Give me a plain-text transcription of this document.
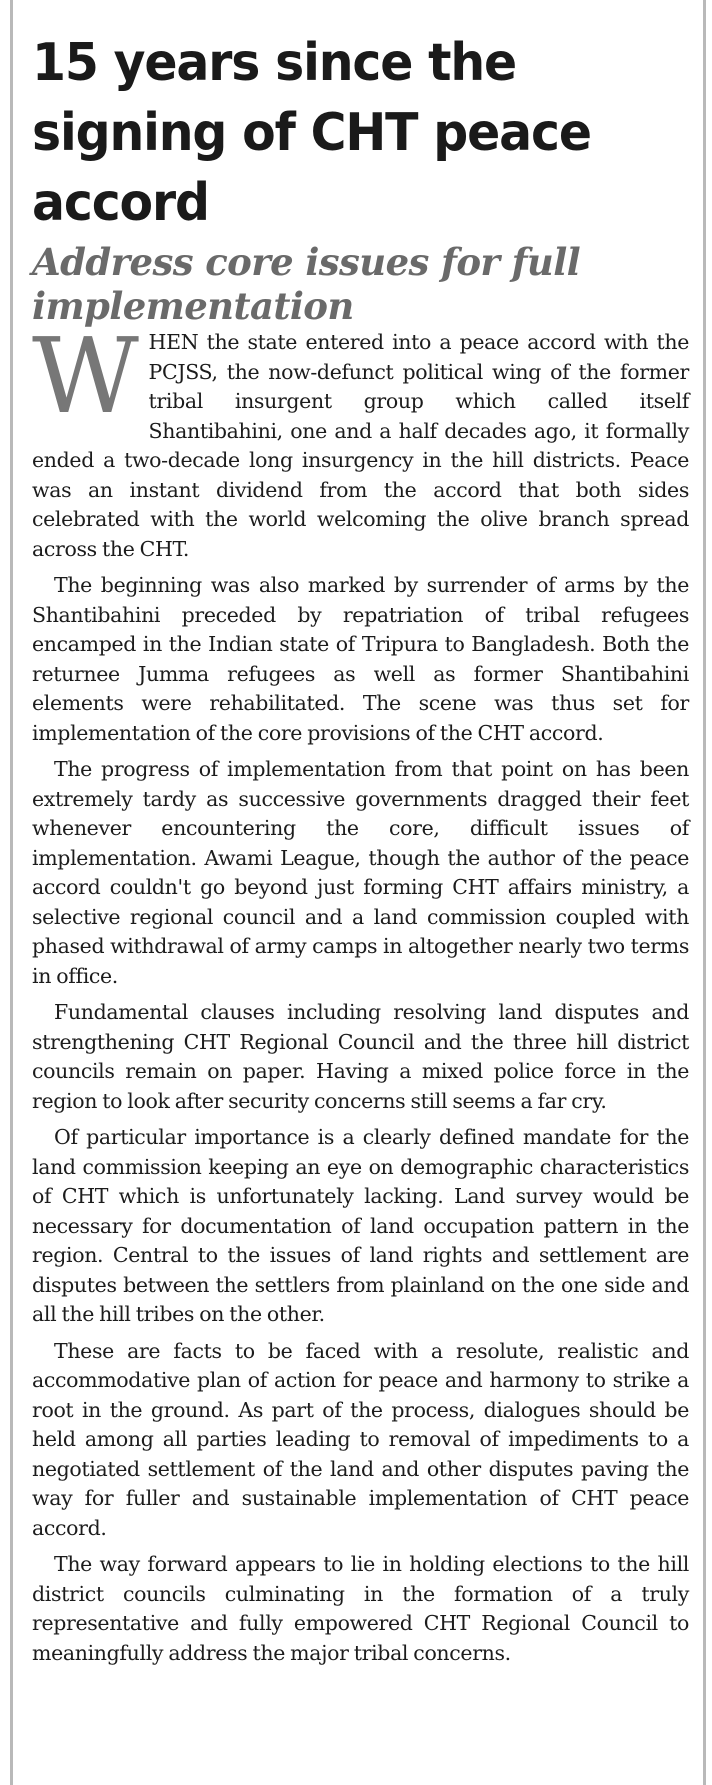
15 years since the signing of CHT peace accord
Address core issues for full implementation

WHEN the state entered into a peace accord with the PCJSS, the now-defunct political wing of the former tribal insurgent group which called itself Shantibahini, one and a half decades ago, it formally ended a two-decade long insurgency in the hill districts. Peace was an instant dividend from the accord that both sides celebrated with the world welcoming the olive branch spread across the CHT.

The beginning was also marked by surrender of arms by the Shantibahini preceded by repatriation of tribal refugees encamped in the Indian state of Tripura to Bangladesh. Both the returnee Jumma refugees as well as former Shantibahini elements were rehabilitated. The scene was thus set for implementation of the core provisions of the CHT accord.

The progress of implementation from that point on has been extremely tardy as successive governments dragged their feet whenever encountering the core, difficult issues of implementation. Awami League, though the author of the peace accord couldn't go beyond just forming CHT affairs ministry, a selective regional council and a land commission coupled with phased withdrawal of army camps in altogether nearly two terms in office.

Fundamental clauses including resolving land disputes and strengthening CHT Regional Council and the three hill district councils remain on paper. Having a mixed police force in the region to look after security concerns still seems a far cry.

Of particular importance is a clearly defined mandate for the land commission keeping an eye on demographic characteristics of CHT which is unfortunately lacking. Land survey would be necessary for documentation of land occupation pattern in the region. Central to the issues of land rights and settlement are disputes between the settlers from plainland on the one side and all the hill tribes on the other.

These are facts to be faced with a resolute, realistic and accommodative plan of action for peace and harmony to strike a root in the ground. As part of the process, dialogues should be held among all parties leading to removal of impediments to a negotiated settlement of the land and other disputes paving the way for fuller and sustainable implementation of CHT peace accord.

The way forward appears to lie in holding elections to the hill district councils culminating in the formation of a truly representative and fully empowered CHT Regional Council to meaningfully address the major tribal concerns.
